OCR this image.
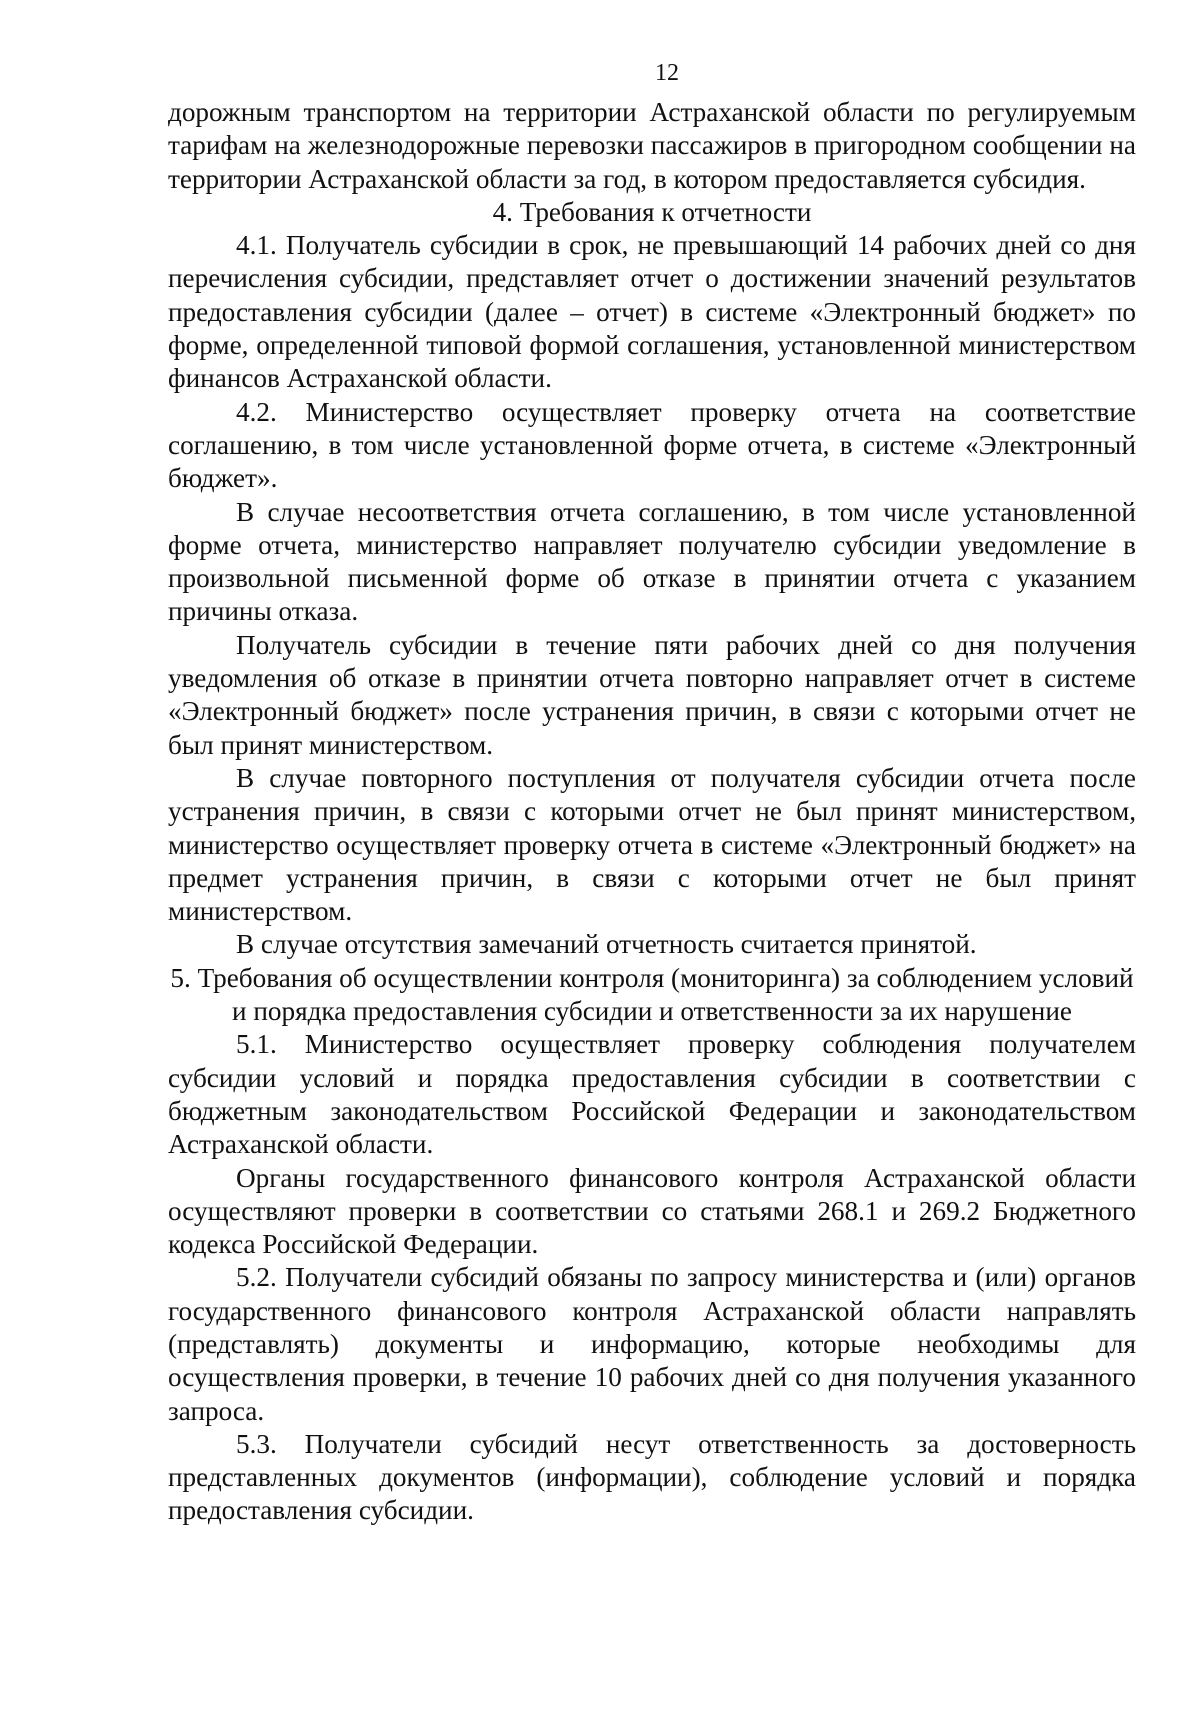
12

дорожным транспортом на территории Астраханской области по регулируемым тарифам на железнодорожные перевозки пассажиров в пригородном сообщении на территории Астраханской области за год, в котором предоставляется субсидия.

4. Требования к отчетности

4.1. Получатель субсидии в срок, не превышающий 14 рабочих дней со дня перечисления субсидии, представляет отчет о достижении значений результатов предоставления субсидии (далее – отчет) в системе «Электронный бюджет» по форме, определенной типовой формой соглашения, установленной министерством финансов Астраханской области.

4.2. Министерство осуществляет проверку отчета на соответствие соглашению, в том числе установленной форме отчета, в системе «Электронный бюджет».

В случае несоответствия отчета соглашению, в том числе установленной форме отчета, министерство направляет получателю субсидии уведомление в произвольной письменной форме об отказе в принятии отчета с указанием причины отказа.

Получатель субсидии в течение пяти рабочих дней со дня получения уведомления об отказе в принятии отчета повторно направляет отчет в системе «Электронный бюджет» после устранения причин, в связи с которыми отчет не был принят министерством.

В случае повторного поступления от получателя субсидии отчета после устранения причин, в связи с которыми отчет не был принят министерством, министерство осуществляет проверку отчета в системе «Электронный бюджет» на предмет устранения причин, в связи с которыми отчет не был принят министерством.

В случае отсутствия замечаний отчетность считается принятой.

5. Требования об осуществлении контроля (мониторинга) за соблюдением условий и порядка предоставления субсидии и ответственности за их нарушение

5.1. Министерство осуществляет проверку соблюдения получателем субсидии условий и порядка предоставления субсидии в соответствии с бюджетным законодательством Российской Федерации и законодательством Астраханской области.

Органы государственного финансового контроля Астраханской области осуществляют проверки в соответствии со статьями 268.1 и 269.2 Бюджетного кодекса Российской Федерации.

5.2. Получатели субсидий обязаны по запросу министерства и (или) органов государственного финансового контроля Астраханской области направлять (представлять) документы и информацию, которые необходимы для осуществления проверки, в течение 10 рабочих дней со дня получения указанного запроса.

5.3. Получатели субсидий несут ответственность за достоверность представленных документов (информации), соблюдение условий и порядка предоставления субсидии.
